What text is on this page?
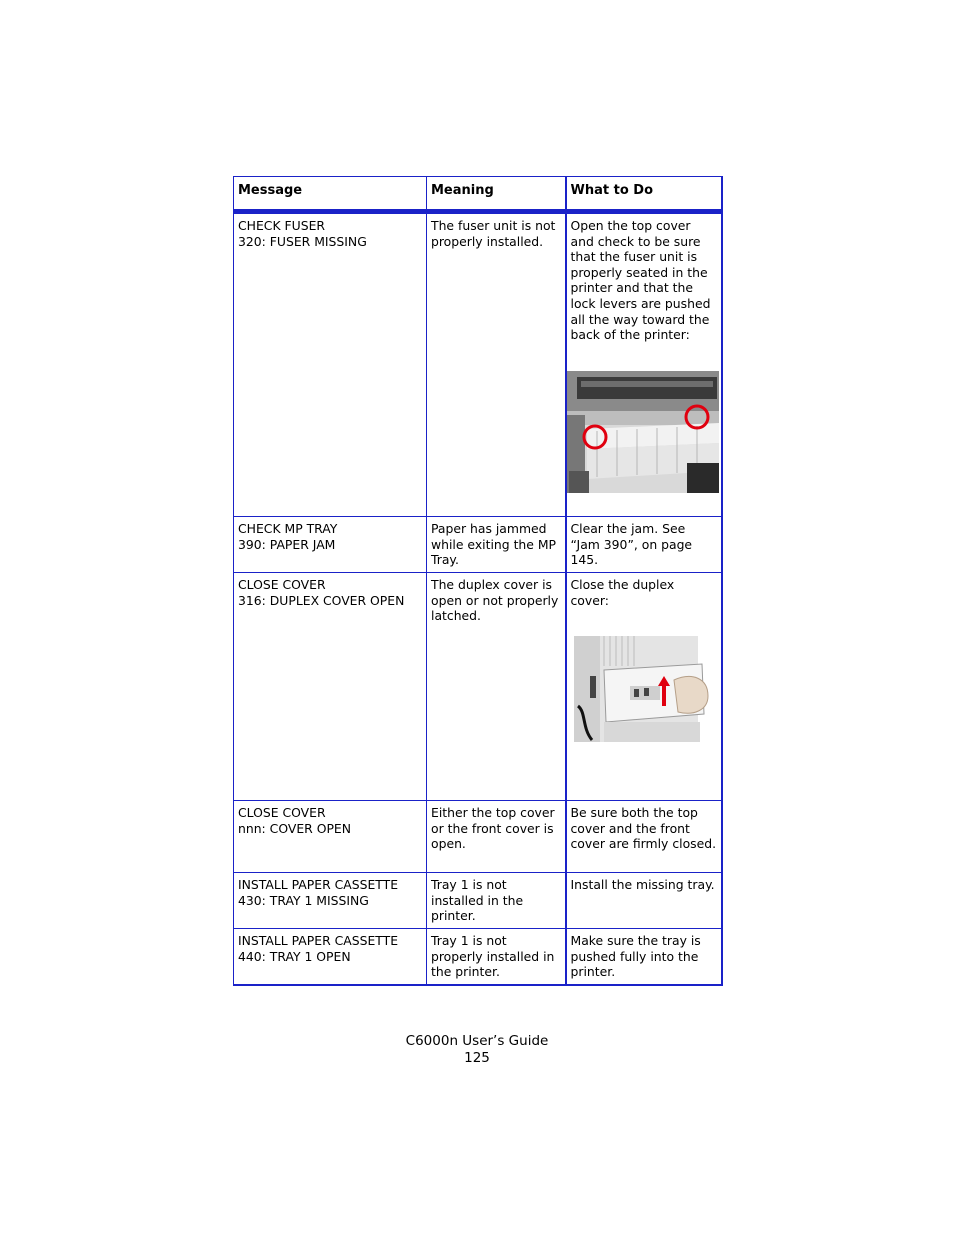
Message	Meaning	What to Do

CHECK FUSER
320: FUSER MISSING	The fuser unit is not properly installed.	Open the top cover and check to be sure that the fuser unit is properly seated in the printer and that the lock levers are pushed all the way toward the back of the printer:

CHECK MP TRAY
390: PAPER JAM	Paper has jammed while exiting the MP Tray.	Clear the jam. See “Jam 390”, on page 145.

CLOSE COVER
316: DUPLEX COVER OPEN	The duplex cover is open or not properly latched.	Close the duplex cover:

CLOSE COVER
nnn: COVER OPEN	Either the top cover or the front cover is open.	Be sure both the top cover and the front cover are firmly closed.

INSTALL PAPER CASSETTE
430: TRAY 1 MISSING	Tray 1 is not installed in the printer.	Install the missing tray.

INSTALL PAPER CASSETTE
440: TRAY 1 OPEN	Tray 1 is not properly installed in the printer.	Make sure the tray is pushed fully into the printer.
C6000n User’s Guide
125
